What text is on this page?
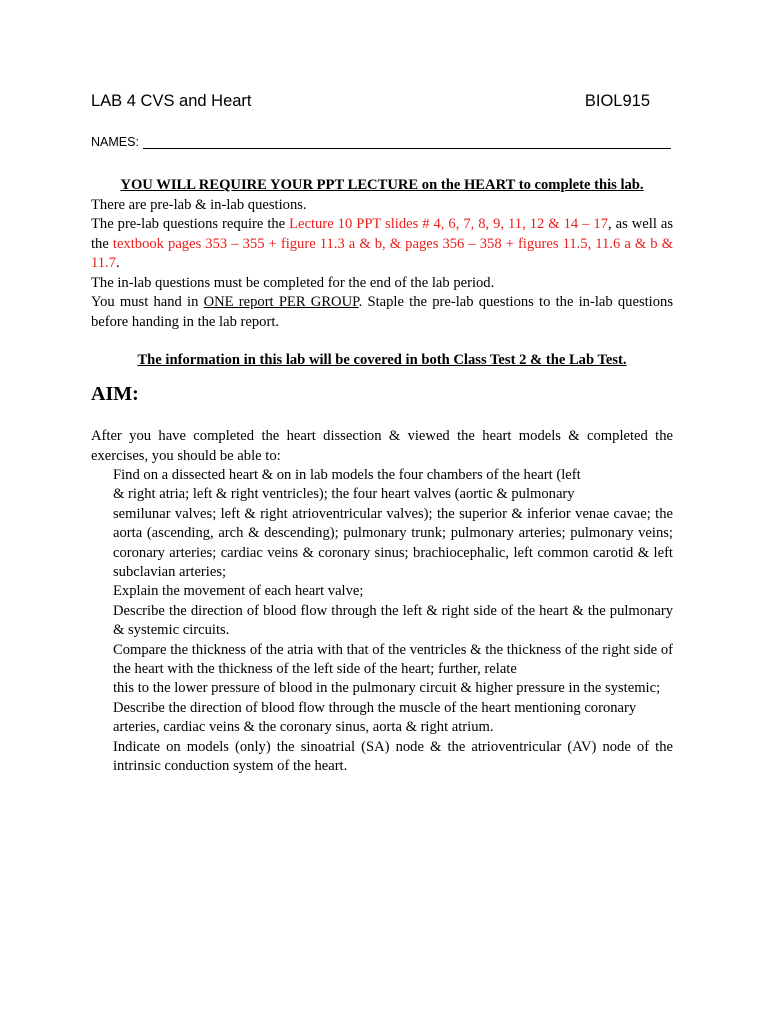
LAB 4 CVS and Heart	BIOL915
NAMES:

YOU WILL REQUIRE YOUR PPT LECTURE on the HEART to complete this lab.

There are pre-lab & in-lab questions.

The pre-lab questions require the Lecture 10 PPT slides # 4, 6, 7, 8, 9, 11, 12 & 14 – 17, as well as the textbook pages 353 – 355 + figure 11.3 a & b, & pages 356 – 358 + figures 11.5, 11.6 a & b & 11.7.

The in-lab questions must be completed for the end of the lab period.

You must hand in ONE report PER GROUP. Staple the pre-lab questions to the in-lab questions before handing in the lab report.

The information in this lab will be covered in both Class Test 2 & the Lab Test.

AIM:

After you have completed the heart dissection & viewed the heart models & completed the exercises, you should be able to:

Find on a dissected heart & on in lab models the four chambers of the heart (left

& right atria; left & right ventricles); the four heart valves (aortic & pulmonary

semilunar valves; left & right atrioventricular valves); the superior & inferior venae cavae; the aorta (ascending, arch & descending); pulmonary trunk; pulmonary arteries; pulmonary veins; coronary arteries; cardiac veins & coronary sinus; brachiocephalic, left common carotid & left subclavian arteries;

Explain the movement of each heart valve;

Describe the direction of blood flow through the left & right side of the heart & the pulmonary & systemic circuits.

Compare the thickness of the atria with that of the ventricles & the thickness of the right side of the heart with the thickness of the left side of the heart; further, relate

this to the lower pressure of blood in the pulmonary circuit & higher pressure in the systemic;

Describe the direction of blood flow through the muscle of the heart mentioning coronary

arteries, cardiac veins & the coronary sinus, aorta & right atrium.

Indicate on models (only) the sinoatrial (SA) node & the atrioventricular (AV) node of the intrinsic conduction system of the heart.
